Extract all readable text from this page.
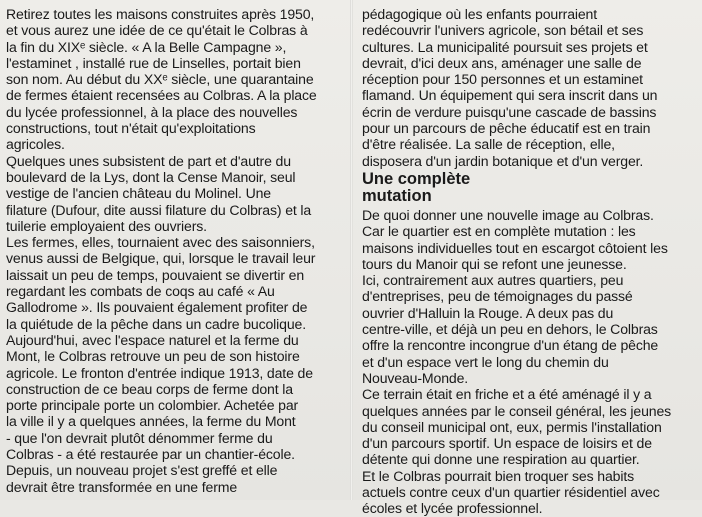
Retirez toutes les maisons construites après 1950,
et vous aurez une idée de ce qu'était le Colbras à
la fin du XIXᵉ siècle. « A la Belle Campagne »,
l'estaminet , installé rue de Linselles, portait bien
son nom. Au début du XXᵉ siècle, une quarantaine
de fermes étaient recensées au Colbras. A la place
du lycée professionnel, à la place des nouvelles
constructions, tout n'était qu'exploitations
agricoles.

Quelques unes subsistent de part et d'autre du
boulevard de la Lys, dont la Cense Manoir, seul
vestige de l'ancien château du Molinel. Une
filature (Dufour, dite aussi filature du Colbras) et la
tuilerie employaient des ouvriers.

Les fermes, elles, tournaient avec des saisonniers,
venus aussi de Belgique, qui, lorsque le travail leur
laissait un peu de temps, pouvaient se divertir en
regardant les combats de coqs au café « Au
Gallodrome ». Ils pouvaient également profiter de
la quiétude de la pêche dans un cadre bucolique.

Aujourd'hui, avec l'espace naturel et la ferme du
Mont, le Colbras retrouve un peu de son histoire
agricole. Le fronton d'entrée indique 1913, date de
construction de ce beau corps de ferme dont la
porte principale porte un colombier. Achetée par
la ville il y a quelques années, la ferme du Mont
- que l'on devrait plutôt dénommer ferme du
Colbras - a été restaurée par un chantier-école.

Depuis, un nouveau projet s'est greffé et elle
devrait être transformée en une ferme

pédagogique où les enfants pourraient
redécouvrir l'univers agricole, son bétail et ses
cultures. La municipalité poursuit ses projets et
devrait, d'ici deux ans, aménager une salle de
réception pour 150 personnes et un estaminet
flamand. Un équipement qui sera inscrit dans un
écrin de verdure puisqu'une cascade de bassins
pour un parcours de pêche éducatif est en train
d'être réalisée. La salle de réception, elle,
disposera d'un jardin botanique et d'un verger.

Une complète
mutation

De quoi donner une nouvelle image au Colbras.
Car le quartier est en complète mutation : les
maisons individuelles tout en escargot côtoient les
tours du Manoir qui se refont une jeunesse.

Ici, contrairement aux autres quartiers, peu
d'entreprises, peu de témoignages du passé
ouvrier d'Halluin la Rouge. A deux pas du
centre-ville, et déjà un peu en dehors, le Colbras
offre la rencontre incongrue d'un étang de pêche
et d'un espace vert le long du chemin du
Nouveau-Monde.

Ce terrain était en friche et a été aménagé il y a
quelques années par le conseil général, les jeunes
du conseil municipal ont, eux, permis l'installation
d'un parcours sportif. Un espace de loisirs et de
détente qui donne une respiration au quartier.

Et le Colbras pourrait bien troquer ses habits
actuels contre ceux d'un quartier résidentiel avec
écoles et lycée professionnel.
